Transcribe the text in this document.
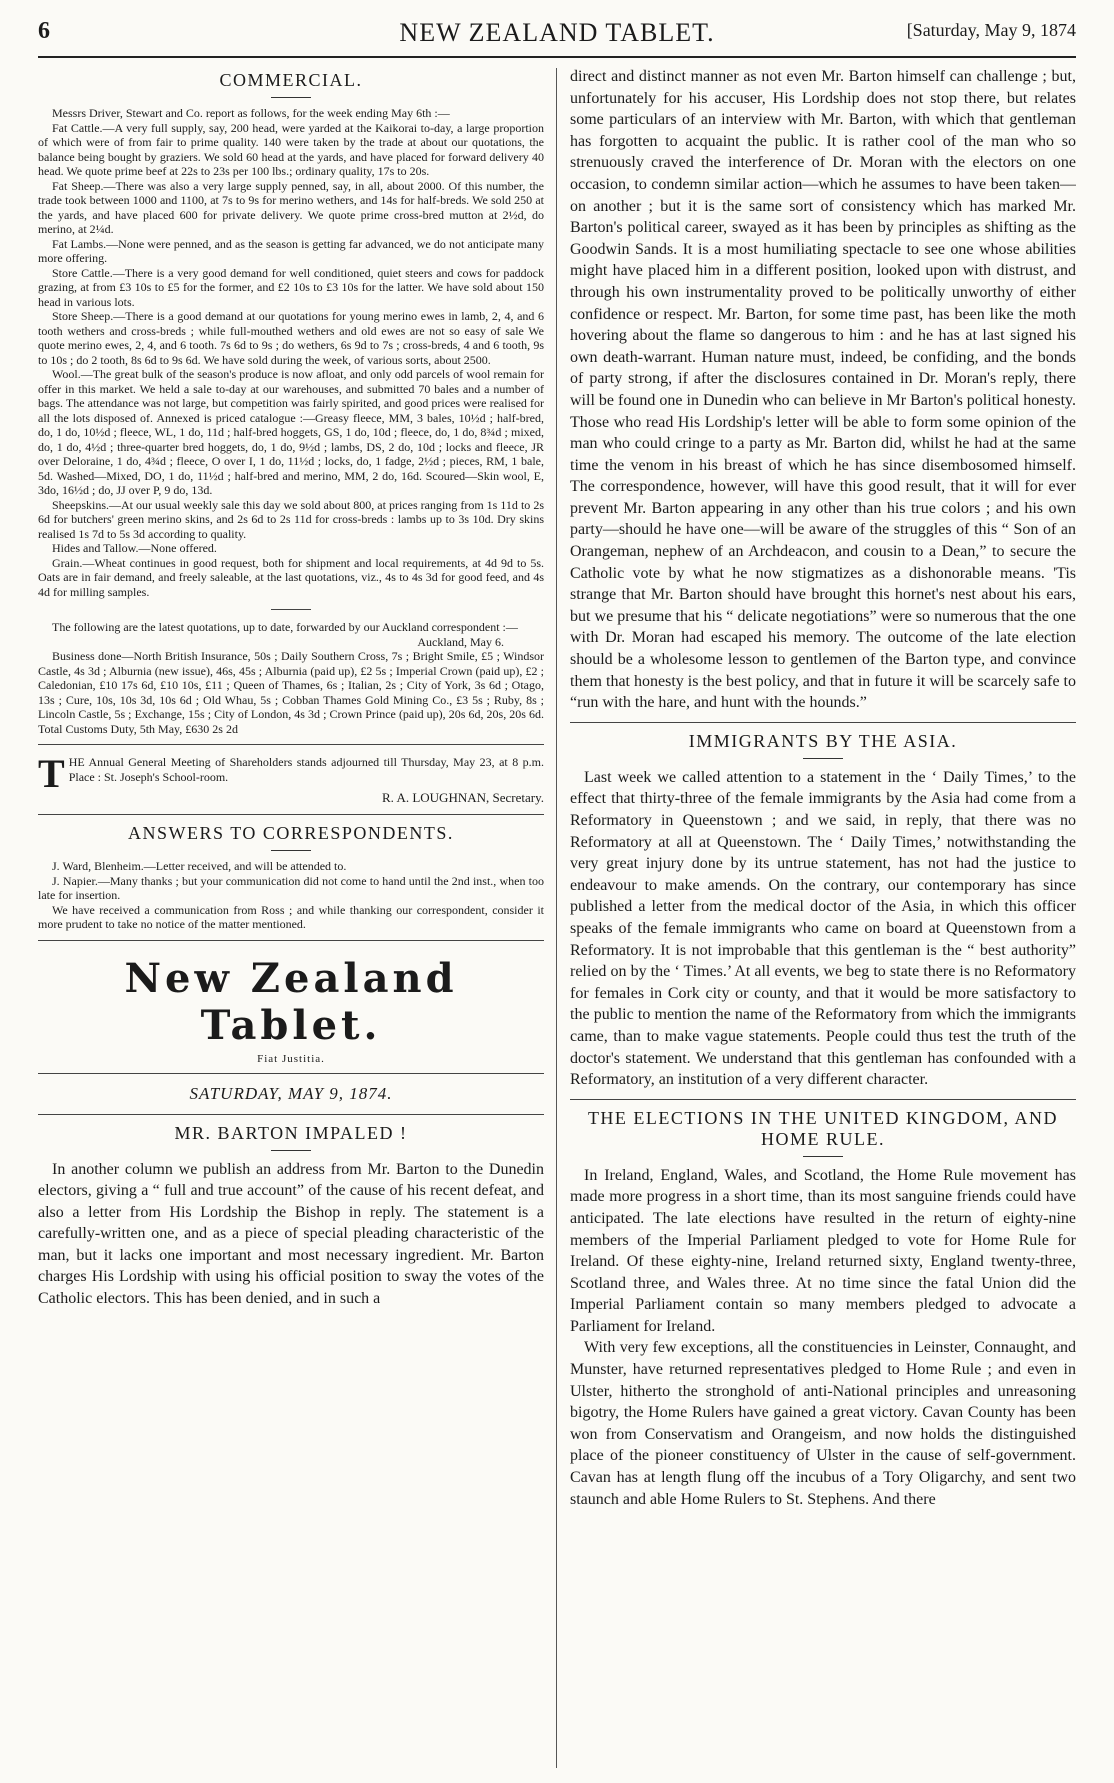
6	NEW ZEALAND TABLET.	[Saturday, May 9, 1874
COMMERCIAL.

Messrs Driver, Stewart and Co. report as follows, for the week ending May 6th :—

Fat Cattle.—A very full supply, say, 200 head, were yarded at the Kaikorai to-day, a large proportion of which were of from fair to prime quality. 140 were taken by the trade at about our quotations, the balance being bought by graziers. We sold 60 head at the yards, and have placed for forward delivery 40 head. We quote prime beef at 22s to 23s per 100 lbs.; ordinary quality, 17s to 20s.

Fat Sheep.—There was also a very large supply penned, say, in all, about 2000. Of this number, the trade took between 1000 and 1100, at 7s to 9s for merino wethers, and 14s for half-breds. We sold 250 at the yards, and have placed 600 for private delivery. We quote prime cross-bred mutton at 2½d, do merino, at 2¼d.

Fat Lambs.—None were penned, and as the season is getting far advanced, we do not anticipate many more offering.

Store Cattle.—There is a very good demand for well conditioned, quiet steers and cows for paddock grazing, at from £3 10s to £5 for the former, and £2 10s to £3 10s for the latter. We have sold about 150 head in various lots.

Store Sheep.—There is a good demand at our quotations for young merino ewes in lamb, 2, 4, and 6 tooth wethers and cross-breds ; while full-mouthed wethers and old ewes are not so easy of sale We quote merino ewes, 2, 4, and 6 tooth. 7s 6d to 9s ; do wethers, 6s 9d to 7s ; cross-breds, 4 and 6 tooth, 9s to 10s ; do 2 tooth, 8s 6d to 9s 6d. We have sold during the week, of various sorts, about 2500.

Wool.—The great bulk of the season's produce is now afloat, and only odd parcels of wool remain for offer in this market. We held a sale to-day at our warehouses, and submitted 70 bales and a number of bags. The attendance was not large, but competition was fairly spirited, and good prices were realised for all the lots disposed of. Annexed is priced catalogue :—Greasy fleece, MM, 3 bales, 10½d ; half-bred, do, 1 do, 10½d ; fleece, WL, 1 do, 11d ; half-bred hoggets, GS, 1 do, 10d ; fleece, do, 1 do, 8¾d ; mixed, do, 1 do, 4½d ; three-quarter bred hoggets, do, 1 do, 9½d ; lambs, DS, 2 do, 10d ; locks and fleece, JR over Deloraine, 1 do, 4¾d ; fleece, O over I, 1 do, 11½d ; locks, do, 1 fadge, 2½d ; pieces, RM, 1 bale, 5d. Washed—Mixed, DO, 1 do, 11½d ; half-bred and merino, MM, 2 do, 16d. Scoured—Skin wool, E, 3do, 16½d ; do, JJ over P, 9 do, 13d.

Sheepskins.—At our usual weekly sale this day we sold about 800, at prices ranging from 1s 11d to 2s 6d for butchers' green merino skins, and 2s 6d to 2s 11d for cross-breds : lambs up to 3s 10d. Dry skins realised 1s 7d to 5s 3d according to quality.

Hides and Tallow.—None offered.

Grain.—Wheat continues in good request, both for shipment and local requirements, at 4d 9d to 5s. Oats are in fair demand, and freely saleable, at the last quotations, viz., 4s to 4s 3d for good feed, and 4s 4d for milling samples.

The following are the latest quotations, up to date, forwarded by our Auckland correspondent :—

Auckland, May 6.

Business done—North British Insurance, 50s ; Daily Southern Cross, 7s ; Bright Smile, £5 ; Windsor Castle, 4s 3d ; Alburnia (new issue), 46s, 45s ; Alburnia (paid up), £2 5s ; Imperial Crown (paid up), £2 ; Caledonian, £10 17s 6d, £10 10s, £11 ; Queen of Thames, 6s ; Italian, 2s ; City of York, 3s 6d ; Otago, 13s ; Cure, 10s, 10s 3d, 10s 6d ; Old Whau, 5s ; Cobban Thames Gold Mining Co., £3 5s ; Ruby, 8s ; Lincoln Castle, 5s ; Exchange, 15s ; City of London, 4s 3d ; Crown Prince (paid up), 20s 6d, 20s, 20s 6d. Total Customs Duty, 5th May, £630 2s 2d

T HE Annual General Meeting of Shareholders stands adjourned till Thursday, May 23, at 8 p.m. Place : St. Joseph's School-room.
R. A. LOUGHNAN, Secretary.
ANSWERS TO CORRESPONDENTS.

J. Ward, Blenheim.—Letter received, and will be attended to.

J. Napier.—Many thanks ; but your communication did not come to hand until the 2nd inst., when too late for insertion.

We have received a communication from Ross ; and while thanking our correspondent, consider it more prudent to take no notice of the matter mentioned.

New Zealand Tablet.
Fiat Justitia.
SATURDAY, MAY 9, 1874.
MR. BARTON IMPALED !

In another column we publish an address from Mr. Barton to the Dunedin electors, giving a “ full and true account” of the cause of his recent defeat, and also a letter from His Lordship the Bishop in reply. The statement is a carefully-written one, and as a piece of special pleading characteristic of the man, but it lacks one important and most necessary ingredient. Mr. Barton charges His Lordship with using his official position to sway the votes of the Catholic electors. This has been denied, and in such a

direct and distinct manner as not even Mr. Barton himself can challenge ; but, unfortunately for his accuser, His Lordship does not stop there, but relates some particulars of an interview with Mr. Barton, with which that gentleman has forgotten to acquaint the public. It is rather cool of the man who so strenuously craved the interference of Dr. Moran with the electors on one occasion, to condemn similar action—which he assumes to have been taken—on another ; but it is the same sort of consistency which has marked Mr. Barton's political career, swayed as it has been by principles as shifting as the Goodwin Sands. It is a most humiliating spectacle to see one whose abilities might have placed him in a different position, looked upon with distrust, and through his own instrumentality proved to be politically unworthy of either confidence or respect. Mr. Barton, for some time past, has been like the moth hovering about the flame so dangerous to him : and he has at last signed his own death-warrant. Human nature must, indeed, be confiding, and the bonds of party strong, if after the disclosures contained in Dr. Moran's reply, there will be found one in Dunedin who can believe in Mr Barton's political honesty. Those who read His Lordship's letter will be able to form some opinion of the man who could cringe to a party as Mr. Barton did, whilst he had at the same time the venom in his breast of which he has since disembosomed himself. The correspondence, however, will have this good result, that it will for ever prevent Mr. Barton appearing in any other than his true colors ; and his own party—should he have one—will be aware of the struggles of this “ Son of an Orangeman, nephew of an Archdeacon, and cousin to a Dean,” to secure the Catholic vote by what he now stigmatizes as a dishonorable means. 'Tis strange that Mr. Barton should have brought this hornet's nest about his ears, but we presume that his “ delicate negotiations” were so numerous that the one with Dr. Moran had escaped his memory. The outcome of the late election should be a wholesome lesson to gentlemen of the Barton type, and convince them that honesty is the best policy, and that in future it will be scarcely safe to “run with the hare, and hunt with the hounds.”

IMMIGRANTS BY THE ASIA.

Last week we called attention to a statement in the ‘ Daily Times,’ to the effect that thirty-three of the female immigrants by the Asia had come from a Reformatory in Queenstown ; and we said, in reply, that there was no Reformatory at all at Queenstown. The ‘ Daily Times,’ notwithstanding the very great injury done by its untrue statement, has not had the justice to endeavour to make amends. On the contrary, our contemporary has since published a letter from the medical doctor of the Asia, in which this officer speaks of the female immigrants who came on board at Queenstown from a Reformatory. It is not improbable that this gentleman is the “ best authority” relied on by the ‘ Times.’ At all events, we beg to state there is no Reformatory for females in Cork city or county, and that it would be more satisfactory to the public to mention the name of the Reformatory from which the immigrants came, than to make vague statements. People could thus test the truth of the doctor's statement. We understand that this gentleman has confounded with a Reformatory, an institution of a very different character.

THE ELECTIONS IN THE UNITED KINGDOM, AND HOME RULE.

In Ireland, England, Wales, and Scotland, the Home Rule movement has made more progress in a short time, than its most sanguine friends could have anticipated. The late elections have resulted in the return of eighty-nine members of the Imperial Parliament pledged to vote for Home Rule for Ireland. Of these eighty-nine, Ireland returned sixty, England twenty-three, Scotland three, and Wales three. At no time since the fatal Union did the Imperial Parliament contain so many members pledged to advocate a Parliament for Ireland.

With very few exceptions, all the constituencies in Leinster, Connaught, and Munster, have returned representatives pledged to Home Rule ; and even in Ulster, hitherto the stronghold of anti-National principles and unreasoning bigotry, the Home Rulers have gained a great victory. Cavan County has been won from Conservatism and Orangeism, and now holds the distinguished place of the pioneer constituency of Ulster in the cause of self-government. Cavan has at length flung off the incubus of a Tory Oligarchy, and sent two staunch and able Home Rulers to St. Stephens. And there
